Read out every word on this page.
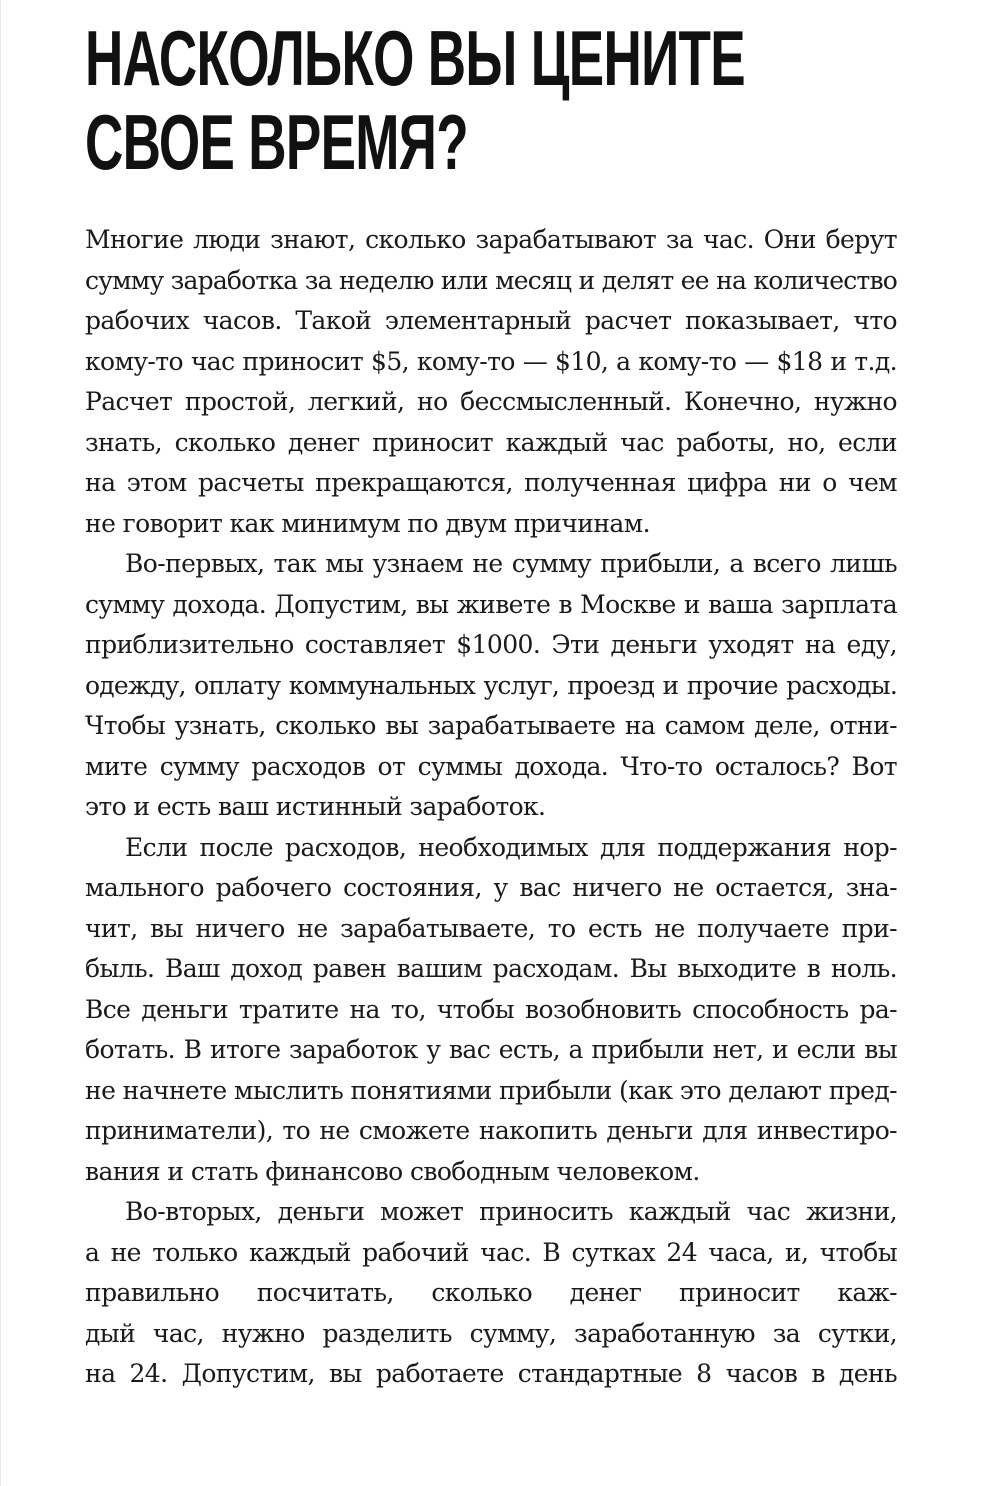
НАСКОЛЬКО ВЫ ЦЕНИТЕ
СВОЕ ВРЕМЯ?

Многие люди знают, сколько зарабатывают за час. Они берут
сумму заработка за неделю или месяц и делят ее на количество
рабочих часов. Такой элементарный расчет показывает, что
кому-то час приносит $5, кому-то — $10, а кому-то — $18 и т.д.
Расчет простой, легкий, но бессмысленный. Конечно, нужно
знать, сколько денег приносит каждый час работы, но, если
на этом расчеты прекращаются, полученная цифра ни о чем
не говорит как минимум по двум причинам.

Во-первых, так мы узнаем не сумму прибыли, а всего лишь
сумму дохода. Допустим, вы живете в Москве и ваша зарплата
приблизительно составляет $1000. Эти деньги уходят на еду,
одежду, оплату коммунальных услуг, проезд и прочие расходы.
Чтобы узнать, сколько вы зарабатываете на самом деле, отни-
мите сумму расходов от суммы дохода. Что-то осталось? Вот
это и есть ваш истинный заработок.

Если после расходов, необходимых для поддержания нор-
мального рабочего состояния, у вас ничего не остается, зна-
чит, вы ничего не зарабатываете, то есть не получаете при-
быль. Ваш доход равен вашим расходам. Вы выходите в ноль.
Все деньги тратите на то, чтобы возобновить способность ра-
ботать. В итоге заработок у вас есть, а прибыли нет, и если вы
не начнете мыслить понятиями прибыли (как это делают пред-
приниматели), то не сможете накопить деньги для инвестиро-
вания и стать финансово свободным человеком.

Во-вторых, деньги может приносить каждый час жизни,
а не только каждый рабочий час. В сутках 24 часа, и, чтобы
правильно посчитать, сколько денег приносит каж-
дый час, нужно разделить сумму, заработанную за сутки,
на 24. Допустим, вы работаете стандартные 8 часов в день
